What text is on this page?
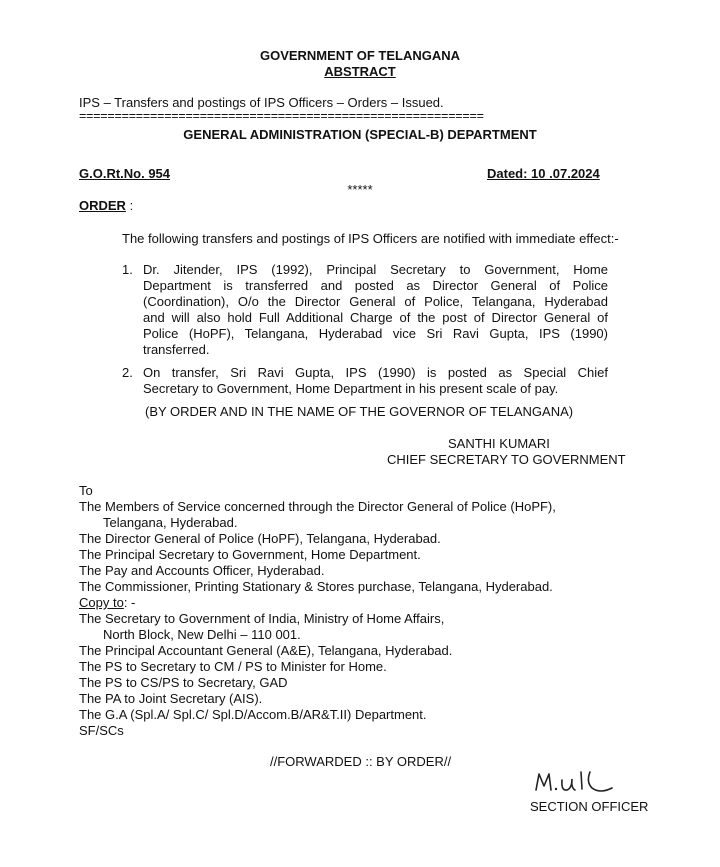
GOVERNMENT OF TELANGANA
ABSTRACT
IPS – Transfers and postings of IPS Officers – Orders – Issued.
=========================================================
GENERAL ADMINISTRATION (SPECIAL-B) DEPARTMENT
G.O.Rt.No. 954	Dated: 10 .07.2024
*****
ORDER :
The following transfers and postings of IPS Officers are notified with immediate effect:-
1. Dr. Jitender, IPS (1992), Principal Secretary to Government, Home
Department is transferred and posted as Director General of Police
(Coordination), O/o the Director General of Police, Telangana, Hyderabad
and will also hold Full Additional Charge of the post of Director General of
Police (HoPF), Telangana, Hyderabad vice Sri Ravi Gupta, IPS (1990)
transferred.
2. On transfer, Sri Ravi Gupta, IPS (1990) is posted as Special Chief
Secretary to Government, Home Department in his present scale of pay.
(BY ORDER AND IN THE NAME OF THE GOVERNOR OF TELANGANA)
SANTHI KUMARI
CHIEF SECRETARY TO GOVERNMENT
To
The Members of Service concerned through the Director General of Police (HoPF),
Telangana, Hyderabad.
The Director General of Police (HoPF), Telangana, Hyderabad.
The Principal Secretary to Government, Home Department.
The Pay and Accounts Officer, Hyderabad.
The Commissioner, Printing Stationary & Stores purchase, Telangana, Hyderabad.
Copy to: -
The Secretary to Government of India, Ministry of Home Affairs,
North Block, New Delhi – 110 001.
The Principal Accountant General (A&E), Telangana, Hyderabad.
The PS to Secretary to CM / PS to Minister for Home.
The PS to CS/PS to Secretary, GAD
The PA to Joint Secretary (AIS).
The G.A (Spl.A/ Spl.C/ Spl.D/Accom.B/AR&T.II) Department.
SF/SCs
//FORWARDED :: BY ORDER//
SECTION OFFICER
